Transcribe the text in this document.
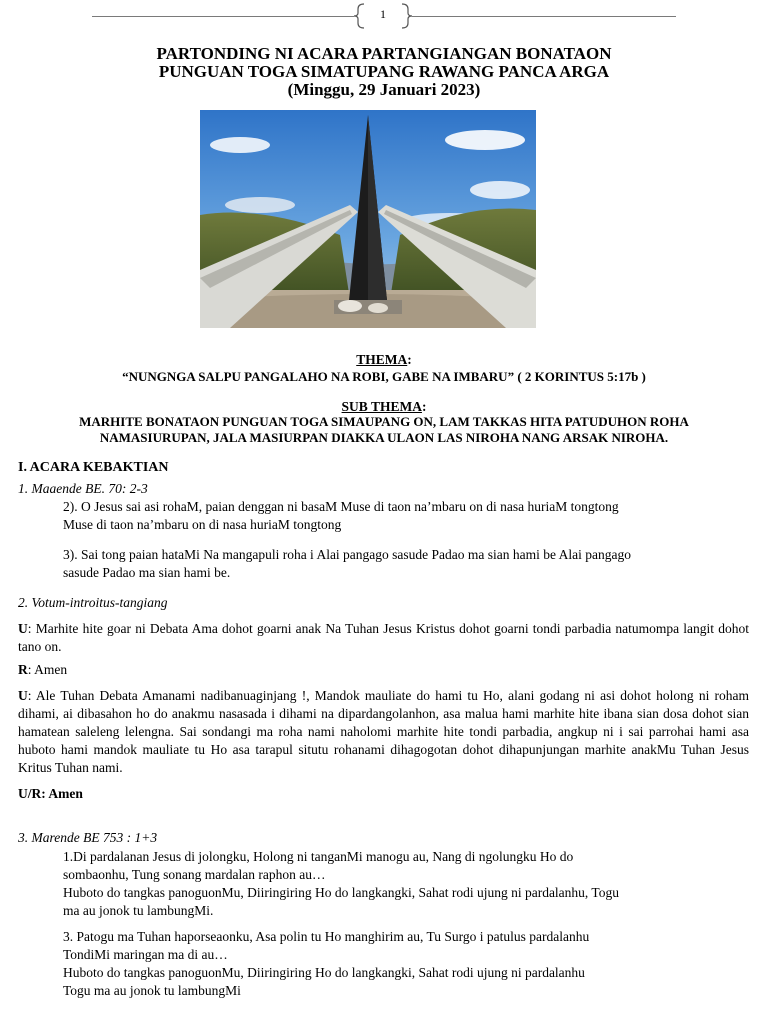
1
PARTONDING NI ACARA PARTANGIANGAN BONATAON
PUNGUAN TOGA SIMATUPANG RAWANG PANCA ARGA
(Minggu, 29 Januari 2023)
THEMA:
“NUNGNGA SALPU PANGALAHO NA ROBI, GABE NA IMBARU” ( 2 KORINTUS 5:17b )
SUB THEMA:
MARHITE BONATAON PUNGUAN TOGA SIMAUPANG ON, LAM TAKKAS HITA PATUDUHON ROHA
NAMASIURUPAN, JALA MASIURPAN DIAKKA ULAON LAS NIROHA NANG ARSAK NIROHA.
I. ACARA KEBAKTIAN
1. Maaende BE. 70: 2-3

2). O Jesus sai asi rohaM, paian denggan ni basaM Muse di taon na’mbaru on di nasa huriaM tongtong

Muse di taon na’mbaru on di nasa huriaM tongtong

3). Sai tong paian hataMi Na mangapuli roha i Alai pangago sasude Padao ma sian hami be Alai pangago

sasude Padao ma sian hami be.

2. Votum-introitus-tangiang
U: Marhite hite goar ni Debata Ama dohot goarni anak Na Tuhan Jesus Kristus dohot goarni tondi parbadia natumompa langit dohot tano on.
R: Amen
U: Ale Tuhan Debata Amanami nadibanuaginjang !, Mandok mauliate do hami tu Ho, alani godang ni asi dohot holong ni roham dihami, ai dibasahon ho do anakmu nasasada i dihami na dipardangolanhon, asa malua hami marhite hite ibana sian dosa dohot sian hamatean saleleng lelengna. Sai sondangi ma roha nami naholomi marhite hite tondi parbadia, angkup ni i sai parrohai hami asa huboto hami mandok mauliate tu Ho asa tarapul situtu rohanami dihagogotan dohot dihapunjungan marhite anakMu Tuhan Jesus Kritus Tuhan nami.
U/R: Amen
3. Marende BE 753 : 1+3

1.Di pardalanan Jesus di jolongku, Holong ni tanganMi manogu au, Nang di ngolungku Ho do

sombaonhu, Tung sonang mardalan raphon au…

Huboto do tangkas panoguonMu, Diiringiring Ho do langkangki, Sahat rodi ujung ni pardalanhu, Togu

ma au jonok tu lambungMi.

3. Patogu ma Tuhan haporseaonku, Asa polin tu Ho manghirim au, Tu Surgo i patulus pardalanhu

TondiMi maringan ma di au…

Huboto do tangkas panoguonMu, Diiringiring Ho do langkangki, Sahat rodi ujung ni pardalanhu

Togu ma au jonok tu lambungMi
